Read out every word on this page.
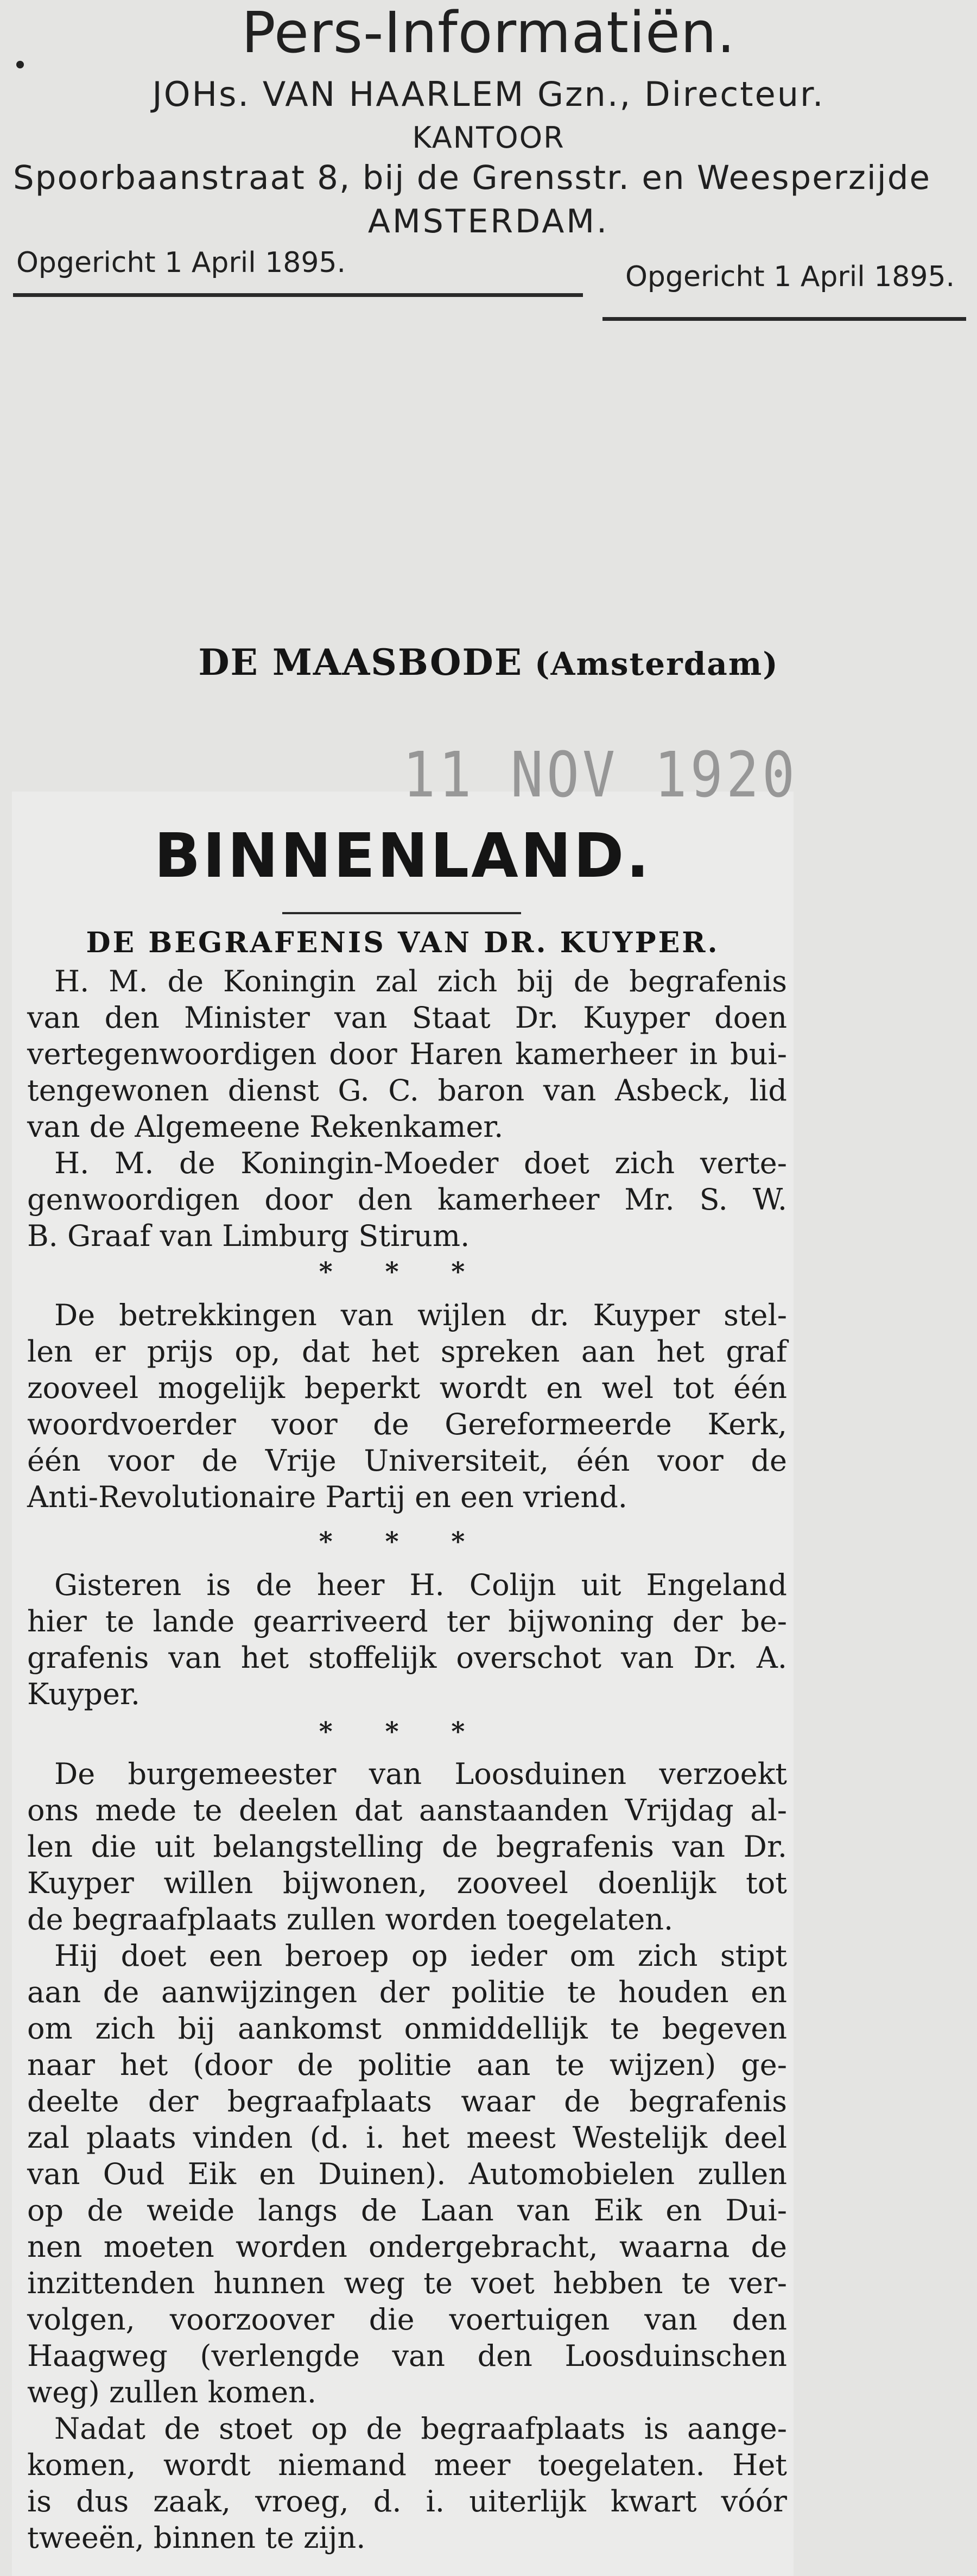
Pers-Informatiën.
JOHs. VAN HAARLEM Gzn., Directeur.
KANTOOR
Spoorbaanstraat 8, bij de Grensstr. en Weesperzijde
AMSTERDAM.
Opgericht 1 April 1895.	Opgericht 1 April 1895.
DE MAASBODE (Amsterdam)
11 NOV 1920
BINNENLAND.
DE BEGRAFENIS VAN DR. KUYPER.
H. M. de Koningin zal zich bij de begrafenis
van den Minister van Staat Dr. Kuyper doen
vertegenwoordigen door Haren kamerheer in bui-
tengewonen dienst G. C. baron van Asbeck, lid
van de Algemeene Rekenkamer.
H. M. de Koningin-Moeder doet zich verte-
genwoordigen door den kamerheer Mr. S. W.
B. Graaf van Limburg Stirum.
* * *
De betrekkingen van wijlen dr. Kuyper stel-
len er prijs op, dat het spreken aan het graf
zooveel mogelijk beperkt wordt en wel tot één
woordvoerder voor de Gereformeerde Kerk,
één voor de Vrije Universiteit, één voor de
Anti-Revolutionaire Partij en een vriend.
* * *
Gisteren is de heer H. Colijn uit Engeland
hier te lande gearriveerd ter bijwoning der be-
grafenis van het stoffelijk overschot van Dr. A.
Kuyper.
* * *
De burgemeester van Loosduinen verzoekt
ons mede te deelen dat aanstaanden Vrijdag al-
len die uit belangstelling de begrafenis van Dr.
Kuyper willen bijwonen, zooveel doenlijk tot
de begraafplaats zullen worden toegelaten.
Hij doet een beroep op ieder om zich stipt
aan de aanwijzingen der politie te houden en
om zich bij aankomst onmiddellijk te begeven
naar het (door de politie aan te wijzen) ge-
deelte der begraafplaats waar de begrafenis
zal plaats vinden (d. i. het meest Westelijk deel
van Oud Eik en Duinen). Automobielen zullen
op de weide langs de Laan van Eik en Dui-
nen moeten worden ondergebracht, waarna de
inzittenden hunnen weg te voet hebben te ver-
volgen, voorzoover die voertuigen van den
Haagweg (verlengde van den Loosduinschen
weg) zullen komen.
Nadat de stoet op de begraafplaats is aange-
komen, wordt niemand meer toegelaten. Het
is dus zaak, vroeg, d. i. uiterlijk kwart vóór
tweeën, binnen te zijn.
